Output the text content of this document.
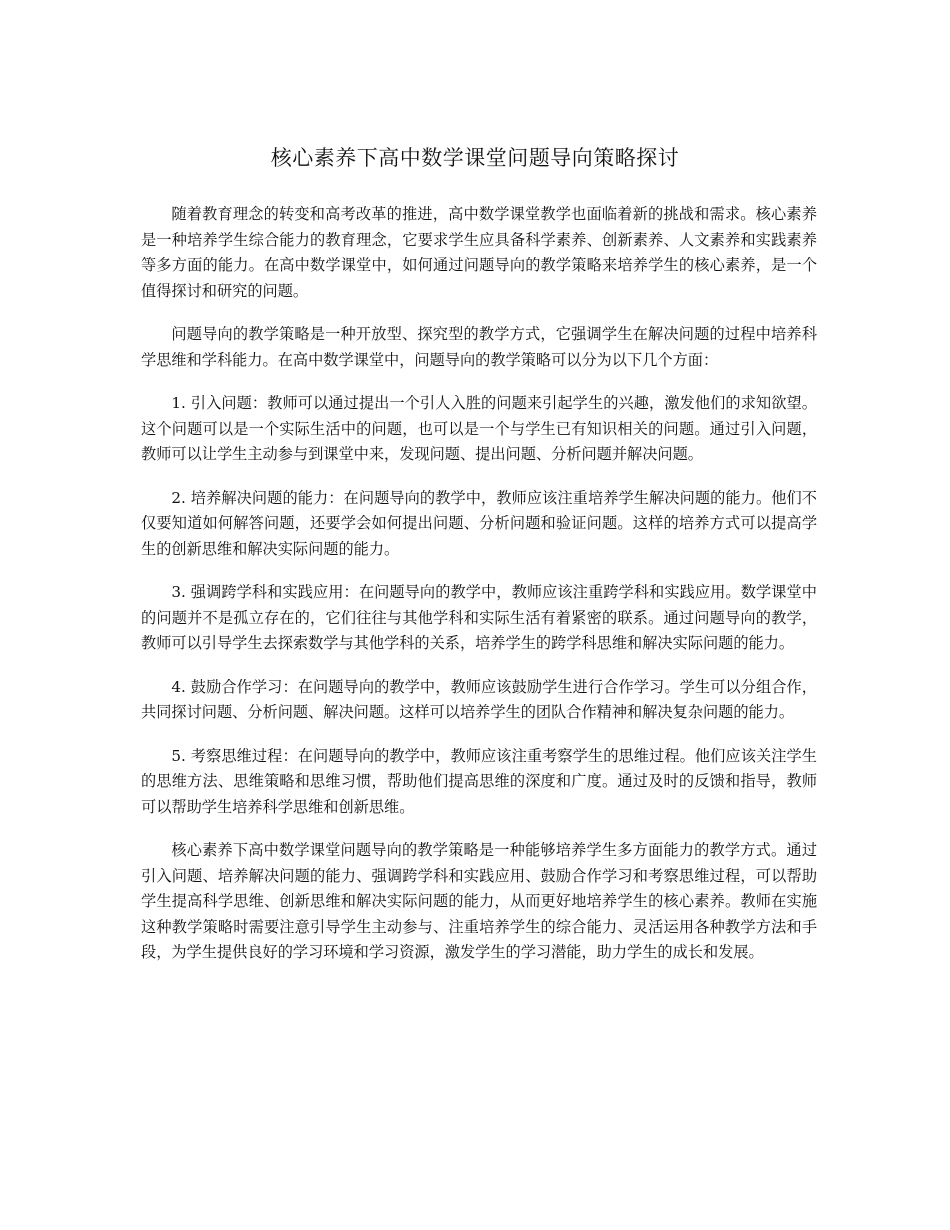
核心素养下高中数学课堂问题导向策略探讨

随着教育理念的转变和高考改革的推进，高中数学课堂教学也面临着新的挑战和需求。核心素养是一种培养学生综合能力的教育理念，它要求学生应具备科学素养、创新素养、人文素养和实践素养等多方面的能力。在高中数学课堂中，如何通过问题导向的教学策略来培养学生的核心素养，是一个值得探讨和研究的问题。

问题导向的教学策略是一种开放型、探究型的教学方式，它强调学生在解决问题的过程中培养科学思维和学科能力。在高中数学课堂中，问题导向的教学策略可以分为以下几个方面：

1. 引入问题：教师可以通过提出一个引人入胜的问题来引起学生的兴趣，激发他们的求知欲望。这个问题可以是一个实际生活中的问题，也可以是一个与学生已有知识相关的问题。通过引入问题，教师可以让学生主动参与到课堂中来，发现问题、提出问题、分析问题并解决问题。

2. 培养解决问题的能力：在问题导向的教学中，教师应该注重培养学生解决问题的能力。他们不仅要知道如何解答问题，还要学会如何提出问题、分析问题和验证问题。这样的培养方式可以提高学生的创新思维和解决实际问题的能力。

3. 强调跨学科和实践应用：在问题导向的教学中，教师应该注重跨学科和实践应用。数学课堂中的问题并不是孤立存在的，它们往往与其他学科和实际生活有着紧密的联系。通过问题导向的教学，教师可以引导学生去探索数学与其他学科的关系，培养学生的跨学科思维和解决实际问题的能力。

4. 鼓励合作学习：在问题导向的教学中，教师应该鼓励学生进行合作学习。学生可以分组合作，共同探讨问题、分析问题、解决问题。这样可以培养学生的团队合作精神和解决复杂问题的能力。

5. 考察思维过程：在问题导向的教学中，教师应该注重考察学生的思维过程。他们应该关注学生的思维方法、思维策略和思维习惯，帮助他们提高思维的深度和广度。通过及时的反馈和指导，教师可以帮助学生培养科学思维和创新思维。

核心素养下高中数学课堂问题导向的教学策略是一种能够培养学生多方面能力的教学方式。通过引入问题、培养解决问题的能力、强调跨学科和实践应用、鼓励合作学习和考察思维过程，可以帮助学生提高科学思维、创新思维和解决实际问题的能力，从而更好地培养学生的核心素养。教师在实施这种教学策略时需要注意引导学生主动参与、注重培养学生的综合能力、灵活运用各种教学方法和手段，为学生提供良好的学习环境和学习资源，激发学生的学习潜能，助力学生的成长和发展。
